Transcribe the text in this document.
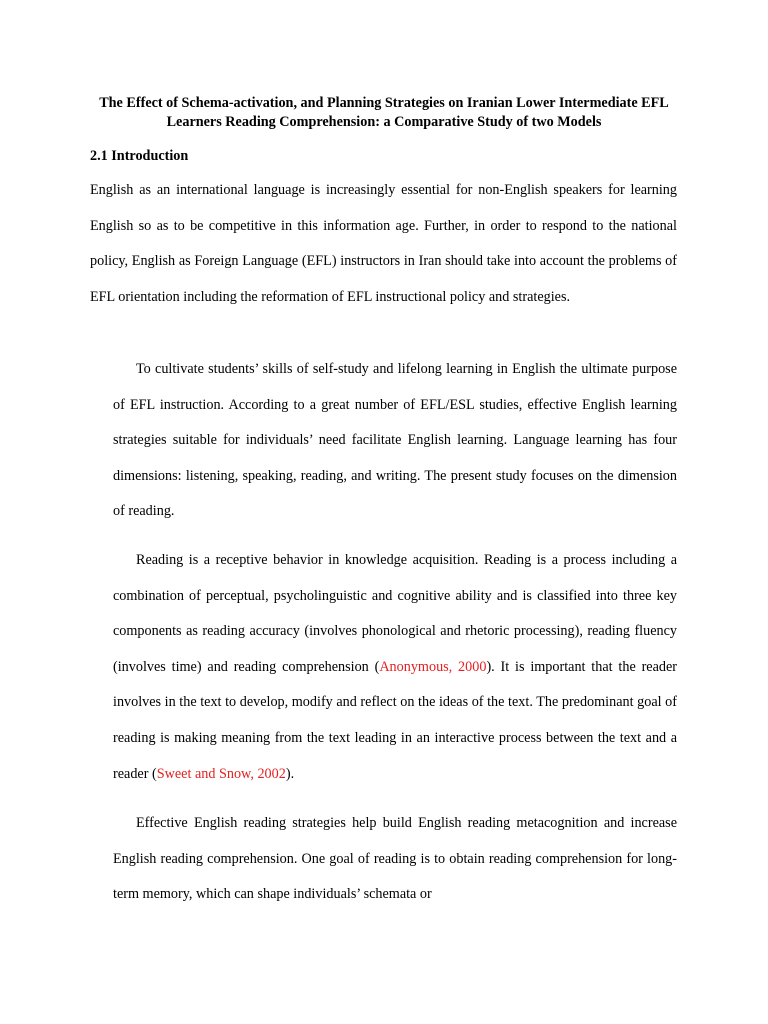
The Effect of Schema-activation, and Planning Strategies on Iranian Lower Intermediate EFL Learners Reading Comprehension: a Comparative Study of two Models

2.1 Introduction

English as an international language is increasingly essential for non-English speakers for learning English so as to be competitive in this information age. Further, in order to respond to the national policy, English as Foreign Language (EFL) instructors in Iran should take into account the problems of EFL orientation including the reformation of EFL instructional policy and strategies.

To cultivate students’ skills of self-study and lifelong learning in English the ultimate purpose of EFL instruction. According to a great number of EFL/ESL studies, effective English learning strategies suitable for individuals’ need facilitate English learning. Language learning has four dimensions: listening, speaking, reading, and writing. The present study focuses on the dimension of reading.

Reading is a receptive behavior in knowledge acquisition. Reading is a process including a combination of perceptual, psycholinguistic and cognitive ability and is classified into three key components as reading accuracy (involves phonological and rhetoric processing), reading fluency (involves time) and reading comprehension (Anonymous, 2000). It is important that the reader involves in the text to develop, modify and reflect on the ideas of the text. The predominant goal of reading is making meaning from the text leading in an interactive process between the text and a reader (Sweet and Snow, 2002).

Effective English reading strategies help build English reading metacognition and increase English reading comprehension. One goal of reading is to obtain reading comprehension for long-term memory, which can shape individuals’ schemata or
